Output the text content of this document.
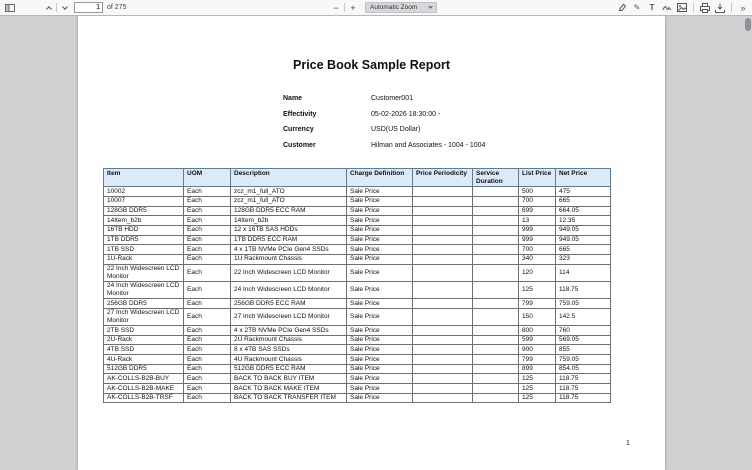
1
of 275	− + Automatic Zoom	✎ T	»
Price Book Sample Report
Name	Customer001
Effectivity	05-02-2026 18:30:00 -
Currency	USD(US Dollar)
Customer	Hilman and Associates - 1004 - 1004
Item	UOM	Description	Charge Definition	Price Periodicity	Service Duration	List Price	Net Price
10002	Each	zcz_m1_full_ATO	Sale Price			500	475
10007	Each	zcz_m1_full_ATO	Sale Price			700	665
128GB DDR5	Each	128GB DDR5 ECC RAM	Sale Price			699	664.05
14Item_b2b	Each	14Item_b2b	Sale Price			13	12.35
16TB HDD	Each	12 x 16TB SAS HDDs	Sale Price			999	949.05
1TB DDR5	Each	1TB DDR5 ECC RAM	Sale Price			999	949.05
1TB SSD	Each	4 x 1TB NVMe PCIe Gen4 SSDs	Sale Price			700	665
1U-Rack	Each	1U Rackmount Chassis	Sale Price			340	323
22 Inch Widescreen LCD Monitor	Each	22 Inch Widescreen LCD Monitor	Sale Price			120	114
24 Inch Widescreen LCD Monitor	Each	24 Inch Widescreen LCD Monitor	Sale Price			125	118.75
256GB DDR5	Each	256GB DDR5 ECC RAM	Sale Price			799	759.05
27 Inch Widescreen LCD Monitor	Each	27 Inch Widescreen LCD Monitor	Sale Price			150	142.5
2TB SSD	Each	4 x 2TB NVMe PCIe Gen4 SSDs	Sale Price			800	760
2U-Rack	Each	2U Rackmount Chassis	Sale Price			599	569.05
4TB SSD	Each	8 x 4TB SAS SSDs	Sale Price			900	855
4U-Rack	Each	4U Rackmount Chassis	Sale Price			799	759.05
512GB DDR5	Each	512GB DDR5 ECC RAM	Sale Price			899	854.05
AK-COLLS-B2B-BUY	Each	BACK TO BACK BUY ITEM	Sale Price			125	118.75
AK-COLLS-B2B-MAKE	Each	BACK TO BACK MAKE ITEM	Sale Price			125	118.75
AK-COLLS-B2B-TRSF	Each	BACK TO BACK TRANSFER ITEM	Sale Price			125	118.75
1
